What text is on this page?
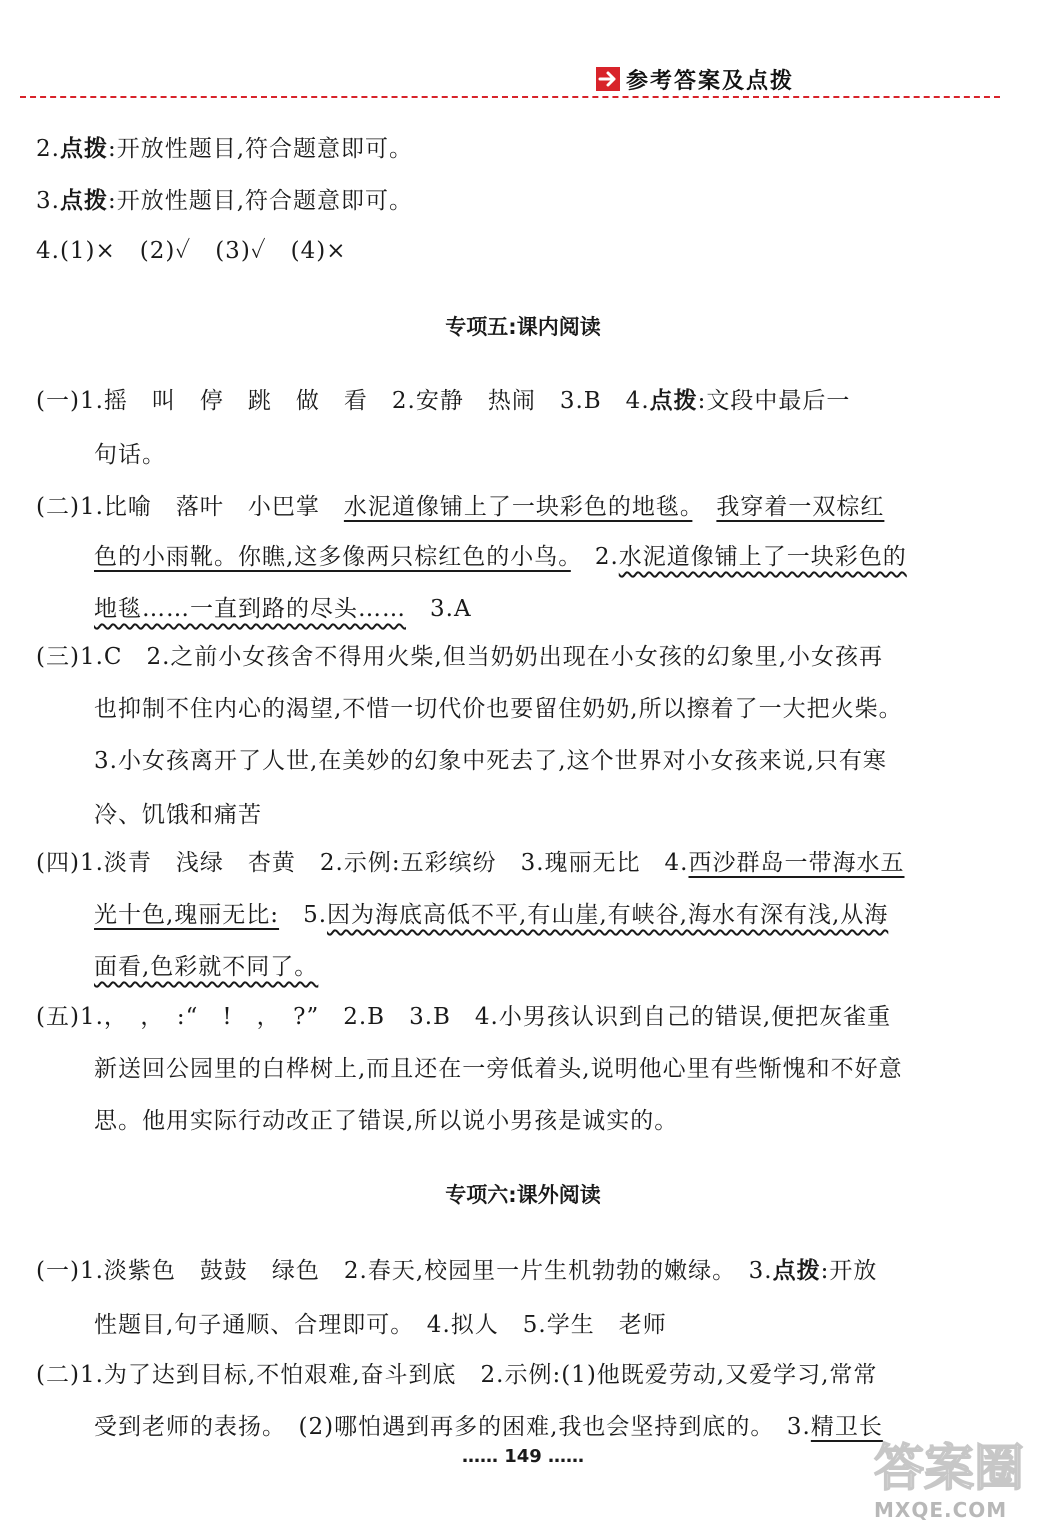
参考答案及点拨
2.点拨:开放性题目,符合题意即可。
3.点拨:开放性题目,符合题意即可。
4.(1)×　(2)✓　(3)✓　(4)×
专项五:课内阅读
(一)1.摇　叫　停　跳　做　看　2.安静　热闹　3.B　4.点拨:文段中最后一
句话。
(二)1.比喻　落叶　小巴掌　水泥道像铺上了一块彩色的地毯。　 我穿着一双棕红
色的小雨靴。你瞧,这多像两只棕红色的小鸟。　2.水泥道像铺上了一块彩色的
地毯……一直到路的尽头……　3.A
(三)1.C　2.之前小女孩舍不得用火柴,但当奶奶出现在小女孩的幻象里,小女孩再
也抑制不住内心的渴望,不惜一切代价也要留住奶奶,所以擦着了一大把火柴。
3.小女孩离开了人世,在美妙的幻象中死去了,这个世界对小女孩来说,只有寒
冷、饥饿和痛苦
(四)1.淡青　浅绿　杏黄　2.示例:五彩缤纷　3.瑰丽无比　4.西沙群岛一带海水五
光十色,瑰丽无比:　5.因为海底高低不平,有山崖,有峡谷,海水有深有浅,从海
面看,色彩就不同了。
(五)1.，　，　:“　!　，　?”　2.B　3.B　4.小男孩认识到自己的错误,便把灰雀重
新送回公园里的白桦树上,而且还在一旁低着头,说明他心里有些惭愧和不好意
思。他用实际行动改正了错误,所以说小男孩是诚实的。
专项六:课外阅读
(一)1.淡紫色　鼓鼓　绿色　2.春天,校园里一片生机勃勃的嫩绿。　3.点拨:开放
性题目,句子通顺、合理即可。　4.拟人　5.学生　老师
(二)1.为了达到目标,不怕艰难,奋斗到底　2.示例:(1)他既爱劳动,又爱学习,常常
受到老师的表扬。　(2)哪怕遇到再多的困难,我也会坚持到底的。　3.精卫长
…… 149 ……	答案圈
MXQE.COM
